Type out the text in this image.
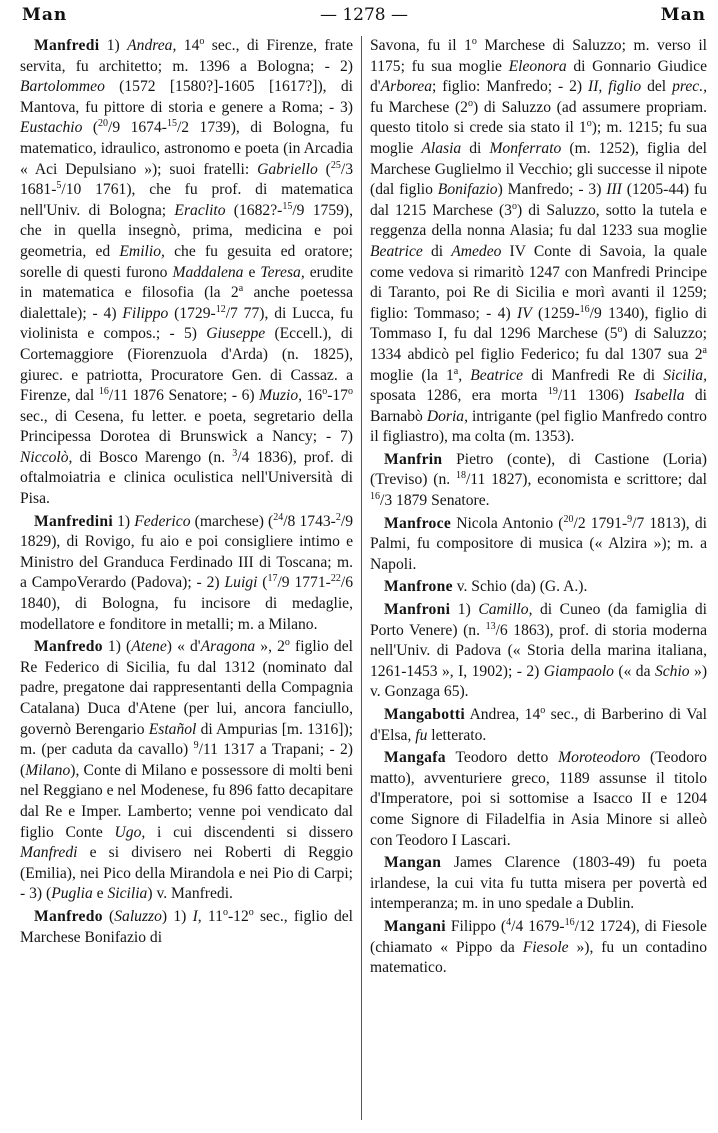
Man	— 1278 —	Man

Manfredi 1) Andrea, 14$^o$ sec., di Firenze, frate servita, fu architetto; m. 1396 a Bologna; - 2) Bartolommeo (1572 [1580?]-1605 [1617?]), di Mantova, fu pittore di storia e genere a Roma; - 3) Eustachio ($^{20}$/9 1674-$^{15}$/2 1739), di Bologna, fu matematico, idraulico, astronomo e poeta (in Arcadia « Aci Depulsiano »); suoi fratelli: Gabriello ($^{25}$/3 1681-$^5$/10 1761), che fu prof. di matematica nell'Univ. di Bologna; Eraclito (1682?-$^{15}$/9 1759), che in quella insegnò, prima, medicina e poi geometria, ed Emilio, che fu gesuita ed oratore; sorelle di questi furono Maddalena e Teresa, erudite in matematica e filosofia (la 2$^a$ anche poetessa dialettale); - 4) Filippo (1729-$^{12}$/7 77), di Lucca, fu violinista e compos.; - 5) Giuseppe (Eccell.), di Cortemaggiore (Fiorenzuola d'Arda) (n. 1825), giurec. e patriotta, Procuratore Gen. di Cassaz. a Firenze, dal $^{16}$/11 1876 Senatore; - 6) Muzio, 16$^o$-17$^o$ sec., di Cesena, fu letter. e poeta, segretario della Principessa Dorotea di Brunswick a Nancy; - 7) Niccolò, di Bosco Marengo (n. $^3$/4 1836), prof. di oftalmoiatria e clinica oculistica nell'Università di Pisa.

Manfredini 1) Federico (marchese) ($^{24}$/8 1743-$^2$/9 1829), di Rovigo, fu aio e poi consigliere intimo e Ministro del Granduca Ferdinado III di Toscana; m. a CampoVerardo (Padova); - 2) Luigi ($^{17}$/9 1771-$^{22}$/6 1840), di Bologna, fu incisore di medaglie, modellatore e fonditore in metalli; m. a Milano.

Manfredo 1) (Atene) « d'Aragona », 2$^o$ figlio del Re Federico di Sicilia, fu dal 1312 (nominato dal padre, pregatone dai rappresentanti della Compagnia Catalana) Duca d'Atene (per lui, ancora fanciullo, governò Berengario Estañol di Ampurias [m. 1316]); m. (per caduta da cavallo) $^9$/11 1317 a Trapani; - 2) (Milano), Conte di Milano e possessore di molti beni nel Reggiano e nel Modenese, fu 896 fatto decapitare dal Re e Imper. Lamberto; venne poi vendicato dal figlio Conte Ugo, i cui discendenti si dissero Manfredi e si divisero nei Roberti di Reggio (Emilia), nei Pico della Mirandola e nei Pio di Carpi; - 3) (Puglia e Sicilia) v. Manfredi.

Manfredo (Saluzzo) 1) I, 11$^o$-12$^o$ sec., figlio del Marchese Bonifazio di

Savona, fu il 1$^o$ Marchese di Saluzzo; m. verso il 1175; fu sua moglie Eleonora di Gonnario Giudice d'Arborea; figlio: Manfredo; - 2) II, figlio del prec., fu Marchese (2$^o$) di Saluzzo (ad assumere propriam. questo titolo si crede sia stato il 1$^o$); m. 1215; fu sua moglie Alasia di Monferrato (m. 1252), figlia del Marchese Guglielmo il Vecchio; gli successe il nipote (dal figlio Bonifazio) Manfredo; - 3) III (1205-44) fu dal 1215 Marchese (3$^o$) di Saluzzo, sotto la tutela e reggenza della nonna Alasia; fu dal 1233 sua moglie Beatrice di Amedeo IV Conte di Savoia, la quale come vedova si rimaritò 1247 con Manfredi Principe di Taranto, poi Re di Sicilia e morì avanti il 1259; figlio: Tommaso; - 4) IV (1259-$^{16}$/9 1340), figlio di Tommaso I, fu dal 1296 Marchese (5$^o$) di Saluzzo; 1334 abdicò pel figlio Federico; fu dal 1307 sua 2$^a$ moglie (la 1$^a$, Beatrice di Manfredi Re di Sicilia, sposata 1286, era morta $^{19}$/11 1306) Isabella di Barnabò Doria, intrigante (pel figlio Manfredo contro il figliastro), ma colta (m. 1353).

Manfrin Pietro (conte), di Castione (Loria) (Treviso) (n. $^{18}$/11 1827), economista e scrittore; dal $^{16}$/3 1879 Senatore.

Manfroce Nicola Antonio ($^{20}$/2 1791-$^9$/7 1813), di Palmi, fu compositore di musica (« Alzira »); m. a Napoli.

Manfrone v. Schio (da) (G. A.).

Manfroni 1) Camillo, di Cuneo (da famiglia di Porto Venere) (n. $^{13}$/6 1863), prof. di storia moderna nell'Univ. di Padova (« Storia della marina italiana, 1261-1453 », I, 1902); - 2) Giampaolo (« da Schio ») v. Gonzaga 65).

Mangabotti Andrea, 14$^o$ sec., di Barberino di Val d'Elsa, fu letterato.

Mangafa Teodoro detto Moroteodoro (Teodoro matto), avventuriere greco, 1189 assunse il titolo d'Imperatore, poi si sottomise a Isacco II e 1204 come Signore di Filadelfia in Asia Minore si alleò con Teodoro I Lascari.

Mangan James Clarence (1803-49) fu poeta irlandese, la cui vita fu tutta misera per povertà ed intemperanza; m. in uno spedale a Dublin.

Mangani Filippo ($^4$/4 1679-$^{16}$/12 1724), di Fiesole (chiamato « Pippo da Fiesole »), fu un contadino matematico.
